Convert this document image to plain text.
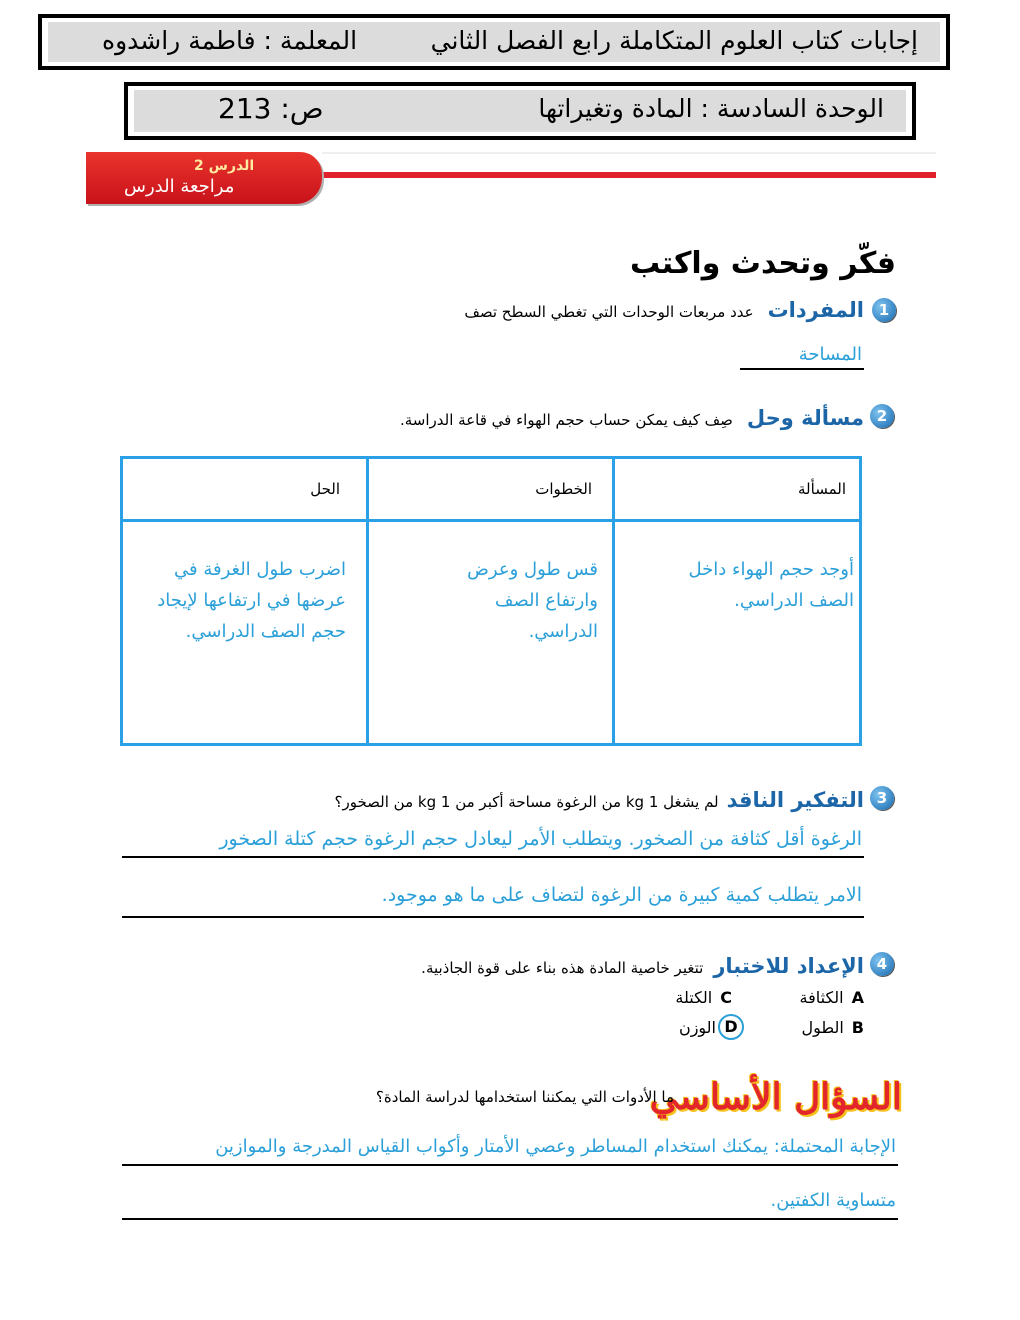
إجابات كتاب العلوم المتكاملة رابع الفصل الثاني
المعلمة : فاطمة راشدوه
الوحدة السادسة : المادة وتغيراتها
ص: 213
الدرس 2
مراجعة الدرس
فكّر وتحدث واكتب
1
المفردات
عدد مربعات الوحدات التي تغطي السطح تصف
المساحة
2
مسألة وحل
صِف كيف يمكن حساب حجم الهواء في قاعة الدراسة.
المسألة
الخطوات
الحل
أوجد حجم الهواء داخل الصف الدراسي.
قس طول وعرض وارتفاع الصف الدراسي.
اضرب طول الغرفة في عرضها في ارتفاعها لإيجاد حجم الصف الدراسي.
3
التفكير الناقد
لم يشغل 1 kg من الرغوة مساحة أكبر من 1 kg من الصخور؟
الرغوة أقل كثافة من الصخور. ويتطلب الأمر ليعادل حجم الرغوة حجم كتلة الصخور
الامر يتطلب كمية كبيرة من الرغوة لتضاف على ما هو موجود.
4
الإعداد للاختبار
تتغير خاصية المادة هذه بناء على قوة الجاذبية.
A
الكثافة
C
الكتلة
B
الطول
D
الوزن
السؤال الأساسي
ما الأدوات التي يمكننا استخدامها لدراسة المادة؟
الإجابة المحتملة: يمكنك استخدام المساطر وعصي الأمتار وأكواب القياس المدرجة والموازين
متساوية الكفتين.
